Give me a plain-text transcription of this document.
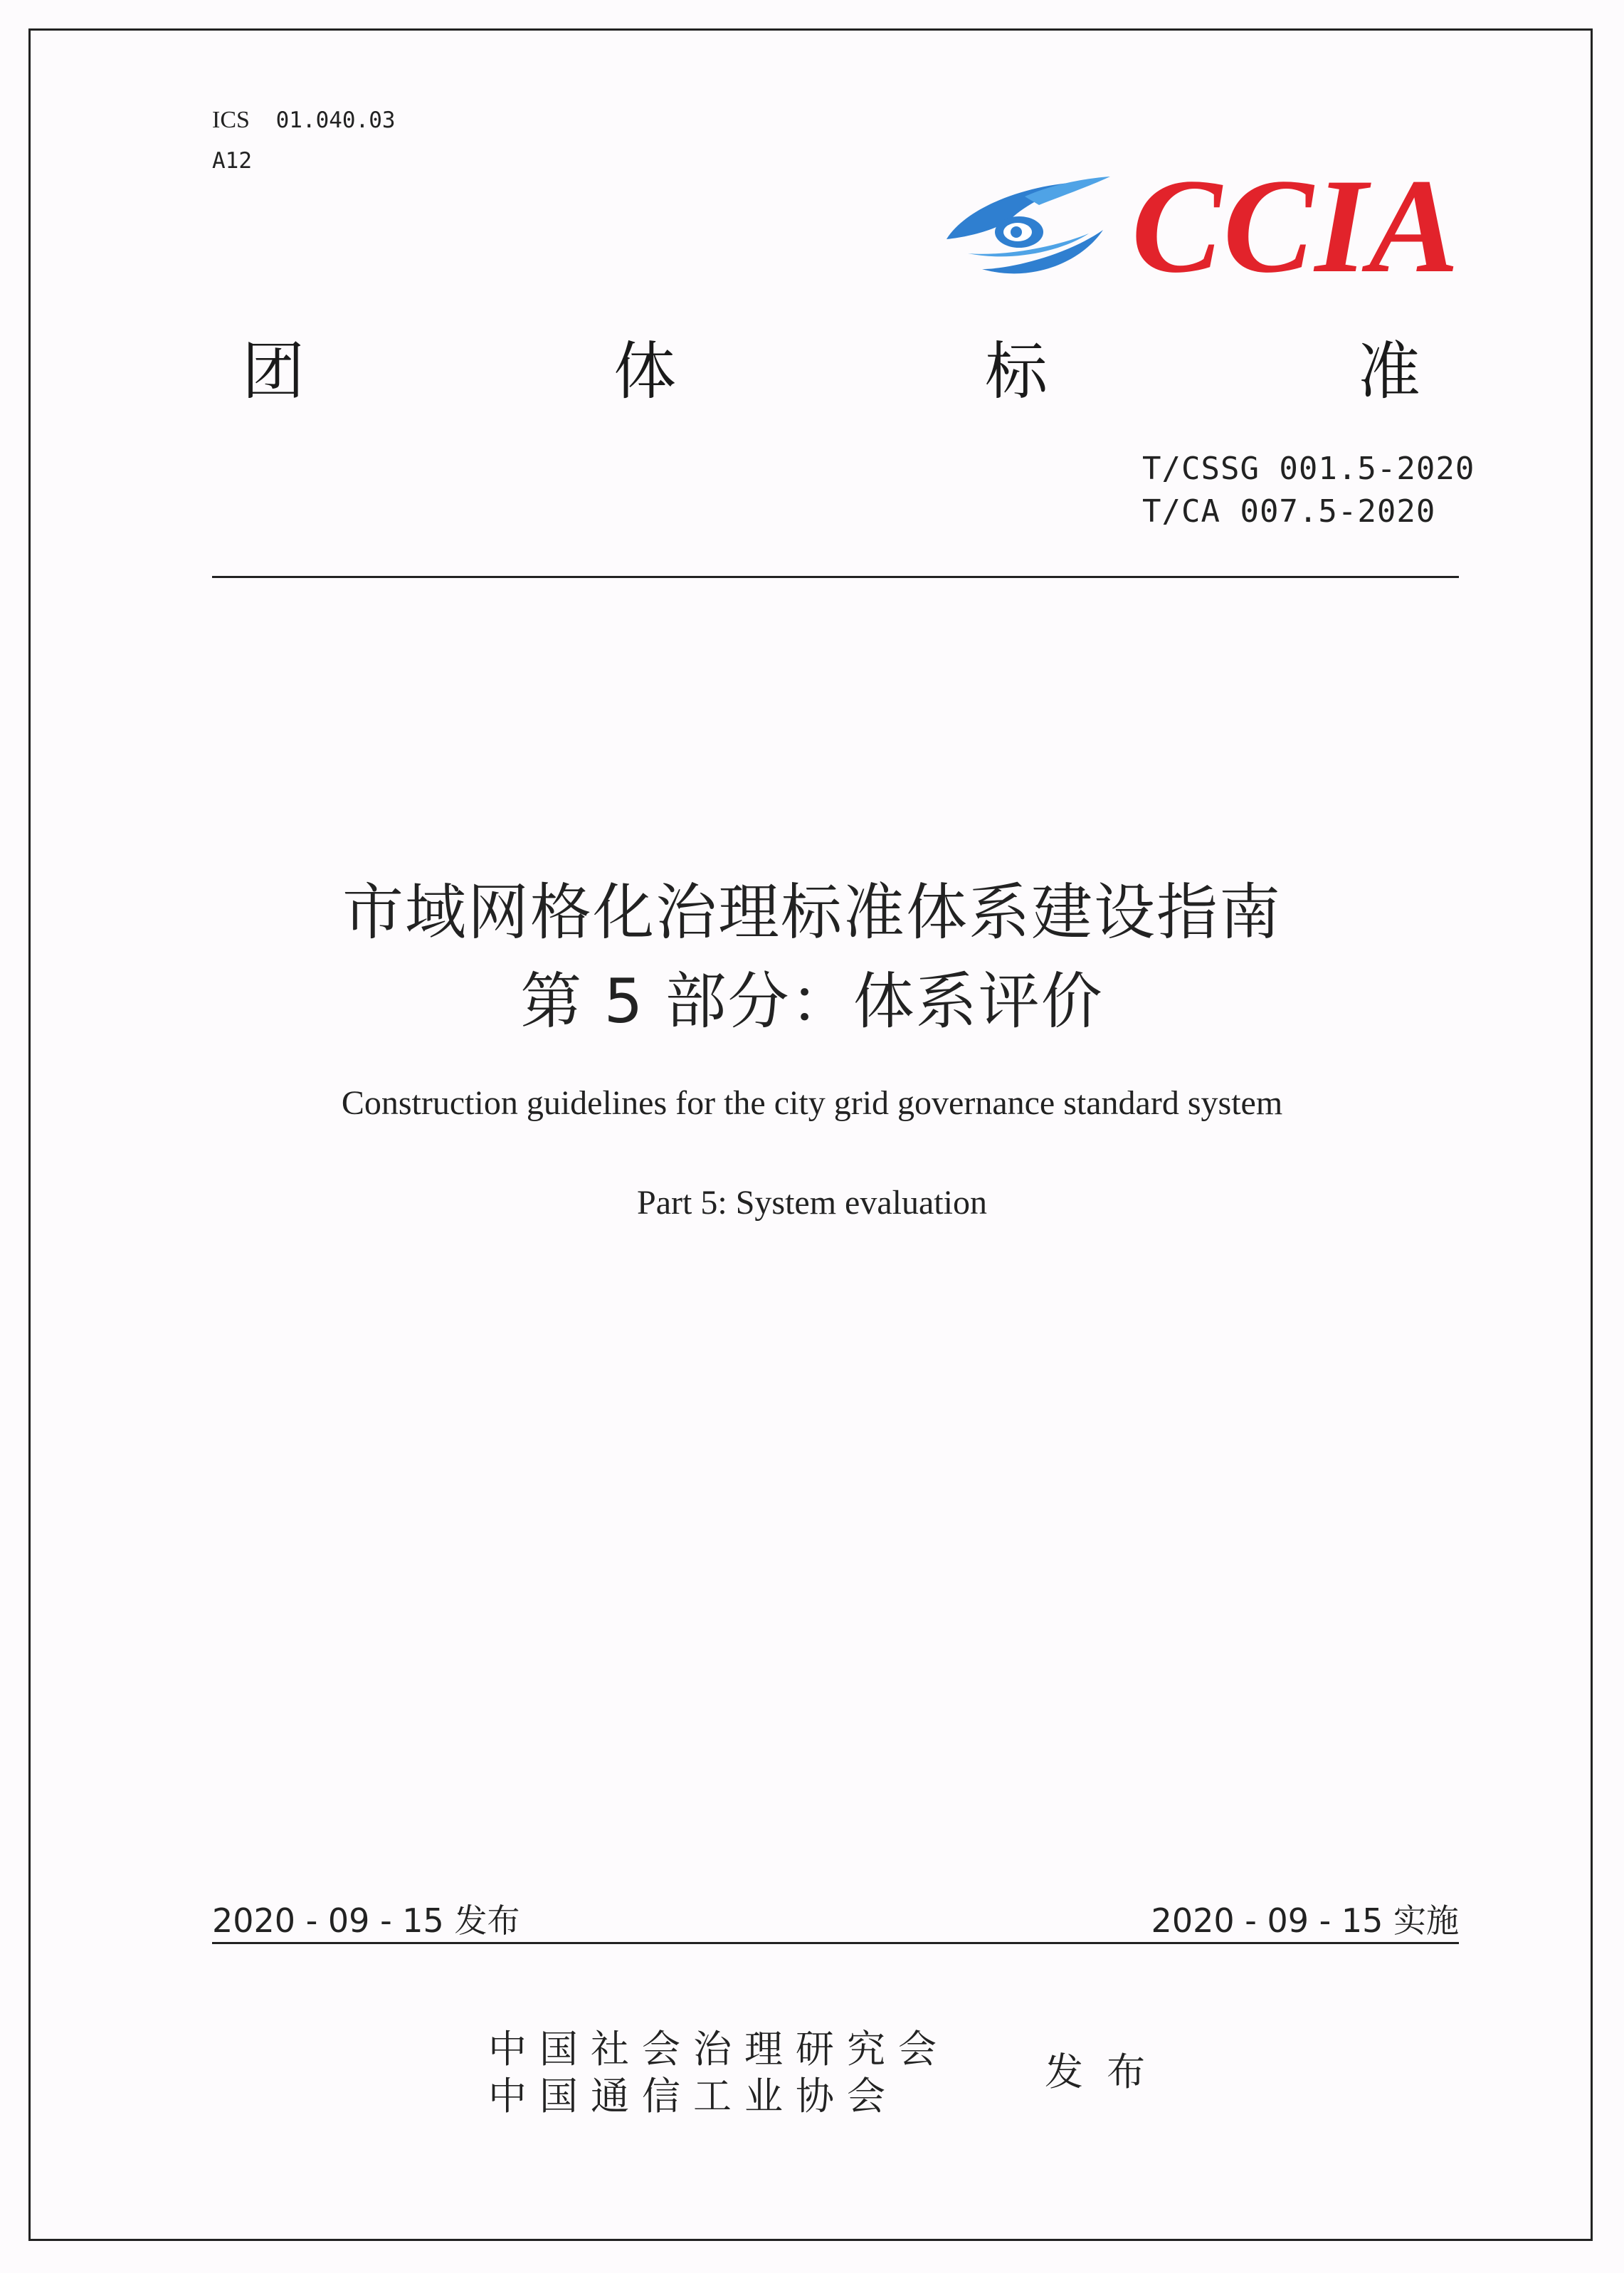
ICS 01.040.03
A12	CCIA
团	体	标	准
T/CSSG 001.5-2020
T/CA 007.5-2020
市域网格化治理标准体系建设指南
第 5 部分：体系评价
Construction guidelines for the city grid governance standard system
Part 5: System evaluation
2020 - 09 - 15 发布	2020 - 09 - 15 实施
中国社会治理研究会
中国通信工业协会
发 布
